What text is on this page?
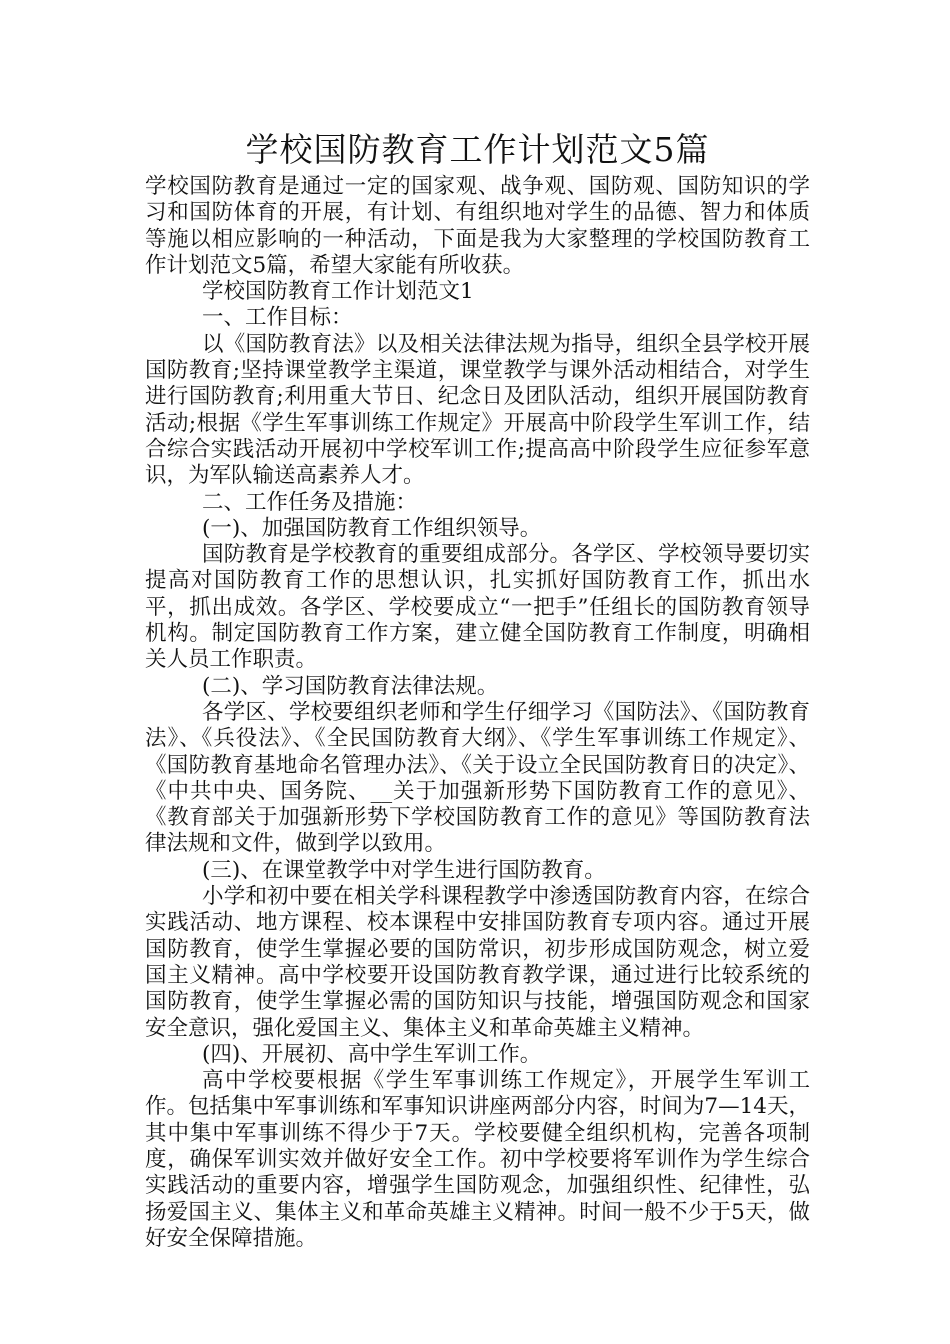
学校国防教育工作计划范文5篇

学校国防教育是通过一定的国家观、战争观、国防观、国防知识的学习和国防体育的开展，有计划、有组织地对学生的品德、智力和体质等施以相应影响的一种活动，下面是我为大家整理的学校国防教育工作计划范文5篇，希望大家能有所收获。

学校国防教育工作计划范文1

一、工作目标：

以《国防教育法》以及相关法律法规为指导，组织全县学校开展国防教育;坚持课堂教学主渠道，课堂教学与课外活动相结合，对学生进行国防教育;利用重大节日、纪念日及团队活动，组织开展国防教育活动;根据《学生军事训练工作规定》开展高中阶段学生军训工作，结合综合实践活动开展初中学校军训工作;提高高中阶段学生应征参军意识，为军队输送高素养人才。

二、工作任务及措施：

(一)、加强国防教育工作组织领导。

国防教育是学校教育的重要组成部分。各学区、学校领导要切实提高对国防教育工作的思想认识，扎实抓好国防教育工作，抓出水平，抓出成效。各学区、学校要成立“一把手”任组长的国防教育领导机构。制定国防教育工作方案，建立健全国防教育工作制度，明确相关人员工作职责。

(二)、学习国防教育法律法规。

各学区、学校要组织老师和学生仔细学习《国防法》、《国防教育法》、《兵役法》、《全民国防教育大纲》、《学生军事训练工作规定》、《国防教育基地命名管理办法》、《关于设立全民国防教育日的决定》、《中共中央、国务院、__关于加强新形势下国防教育工作的意见》、《教育部关于加强新形势下学校国防教育工作的意见》等国防教育法律法规和文件，做到学以致用。

(三)、在课堂教学中对学生进行国防教育。

小学和初中要在相关学科课程教学中渗透国防教育内容，在综合实践活动、地方课程、校本课程中安排国防教育专项内容。通过开展国防教育，使学生掌握必要的国防常识，初步形成国防观念，树立爱国主义精神。高中学校要开设国防教育教学课，通过进行比较系统的国防教育，使学生掌握必需的国防知识与技能，增强国防观念和国家安全意识，强化爱国主义、集体主义和革命英雄主义精神。

(四)、开展初、高中学生军训工作。

高中学校要根据《学生军事训练工作规定》，开展学生军训工作。包括集中军事训练和军事知识讲座两部分内容，时间为7—14天，其中集中军事训练不得少于7天。学校要健全组织机构，完善各项制度，确保军训实效并做好安全工作。初中学校要将军训作为学生综合实践活动的重要内容，增强学生国防观念，加强组织性、纪律性，弘扬爱国主义、集体主义和革命英雄主义精神。时间一般不少于5天，做好安全保障措施。
